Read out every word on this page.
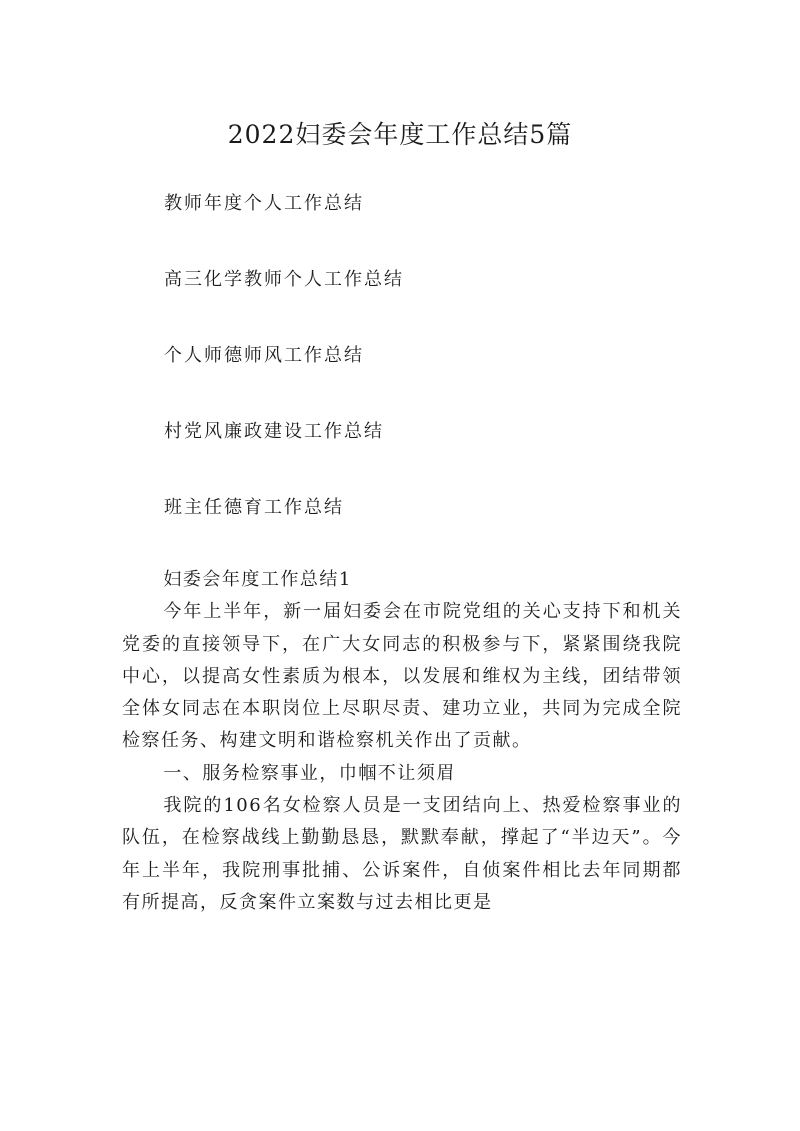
2022妇委会年度工作总结5篇
教师年度个人工作总结
高三化学教师个人工作总结
个人师德师风工作总结
村党风廉政建设工作总结
班主任德育工作总结

妇委会年度工作总结1

今年上半年，新一届妇委会在市院党组的关心支持下和机关党委的直接领导下，在广大女同志的积极参与下，紧紧围绕我院中心，以提高女性素质为根本，以发展和维权为主线，团结带领全体女同志在本职岗位上尽职尽责、建功立业，共同为完成全院检察任务、构建文明和谐检察机关作出了贡献。

一、服务检察事业，巾帼不让须眉

我院的106名女检察人员是一支团结向上、热爱检察事业的队伍，在检察战线上勤勤恳恳，默默奉献，撑起了“半边天”。今年上半年，我院刑事批捕、公诉案件，自侦案件相比去年同期都有所提高，反贪案件立案数与过去相比更是
